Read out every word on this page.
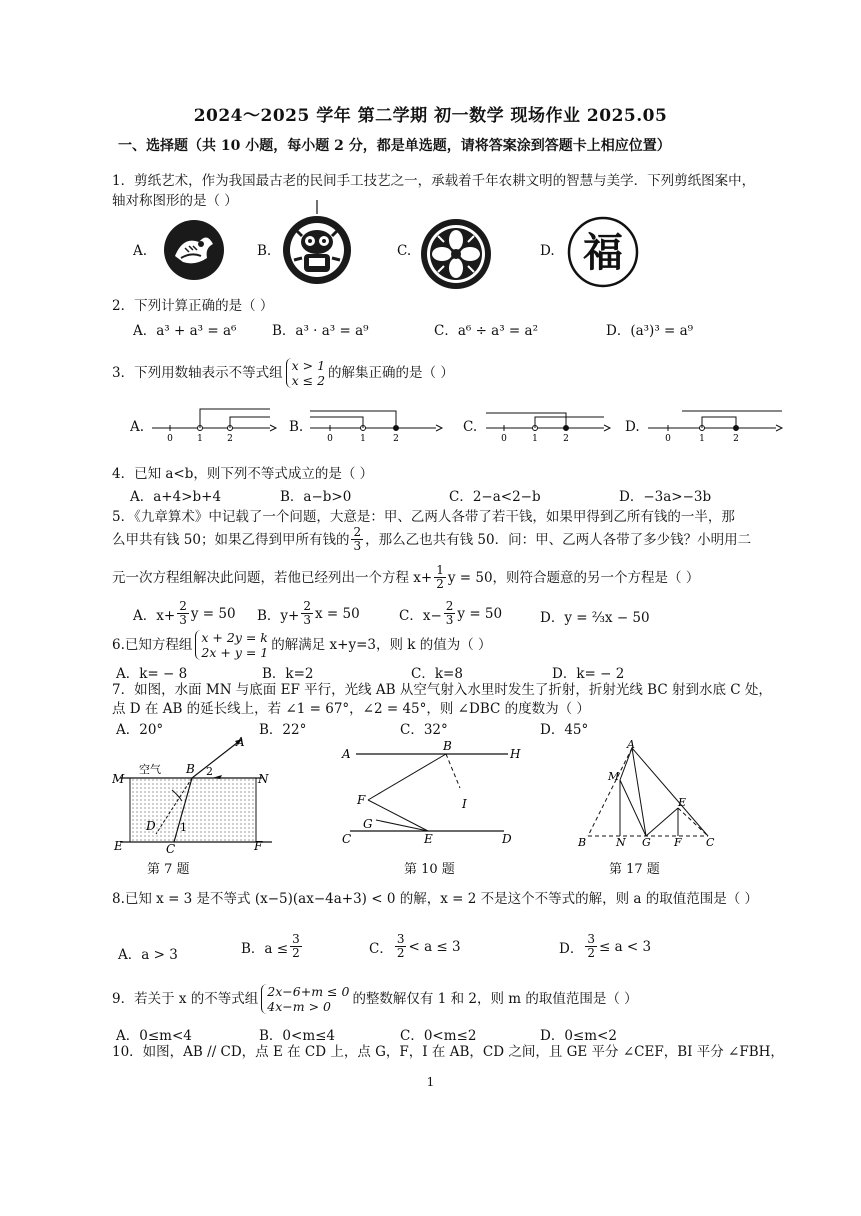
2024～2025 学年 第二学期 初一数学 现场作业 2025.05
一、选择题（共 10 小题，每小题 2 分，都是单选题，请将答案涂到答题卡上相应位置）
1．剪纸艺术，作为我国最古老的民间手工技艺之一，承载着千年农耕文明的智慧与美学．下列剪纸图案中，
轴对称图形的是（ ）
A.	B.	C.	D. 福
2．下列计算正确的是（ ）
A．a³ + a³ = a⁶	B．a³ · a³ = a⁹	C．a⁶ ÷ a³ = a²	D．(a³)³ = a⁹
3．下列用数轴表示不等式组 x > 1
x ≤ 2 的解集正确的是（ ）
A.	B.	C.	D.
0	1	2	0	1	2	0	1	2	0	1	2
4．已知 a<b，则下列不等式成立的是（ ）
A．a+4>b+4	B．a−b>0	C．2−a<2−b	D．−3a>−3b
5．《九章算术》中记载了一个问题，大意是：甲、乙两人各带了若干钱，如果甲得到乙所有钱的一半，那
么甲共有钱 50；如果乙得到甲所有钱的 $\frac{2}{3}$ ，那么乙也共有钱 50．问：甲、乙两人各带了多少钱？小明用二
元一次方程组解决此问题，若他已经列出一个方程 $x+ \frac{1}{2}$ y = 50，则符合题意的另一个方程是（ ）
A．$x+ \frac{2}{3}$ y = 50 B．$y+ \frac{2}{3}$ x = 50	C．$x- \frac{2}{3}$ y = 50	D．y = ⅔x − 50
6.已知方程组 x + 2y = k
2x + y = 1 的解满足 x+y=3，则 k 的值为（ ）
A．k= − 8	B．k=2	C．k=8	D．k= − 2
7．如图，水面 MN 与底面 EF 平行，光线 AB 从空气射入水里时发生了折射，折射光线 BC 射到水底 C 处，
点 D 在 AB 的延长线上，若 ∠1 = 67°，∠2 = 45°，则 ∠DBC 的度数为（ ）
A．20°	B．22°	C．32°	D．45°
A
M	N
B
空气	2
1
D
E	C	F
第 7 题
A
B
H
F
G
I
C	E	D
第 10 题
A
M
E
B	N G F C
第 17 题
8.已知 x = 3 是不等式 (x−5)(ax−4a+3) < 0 的解，x = 2 不是这个不等式的解，则 a 的取值范围是（ ）
A．a > 3	B．$a \le \frac{3}{2}$	C． $\frac{3}{2} < a \le 3$	D． $\frac{3}{2} \le a < 3$
9．若关于 x 的不等式组 2x−6+m ≤ 0
4x−m > 0	的整数解仅有 1 和 2，则 m 的取值范围是（ ）
A．0≤m<4	B．0<m≤4	C．0<m≤2	D．0≤m<2
10．如图，AB // CD，点 E 在 CD 上，点 G，F，I 在 AB，CD 之间，且 GE 平分 ∠CEF，BI 平分 ∠FBH，
1
